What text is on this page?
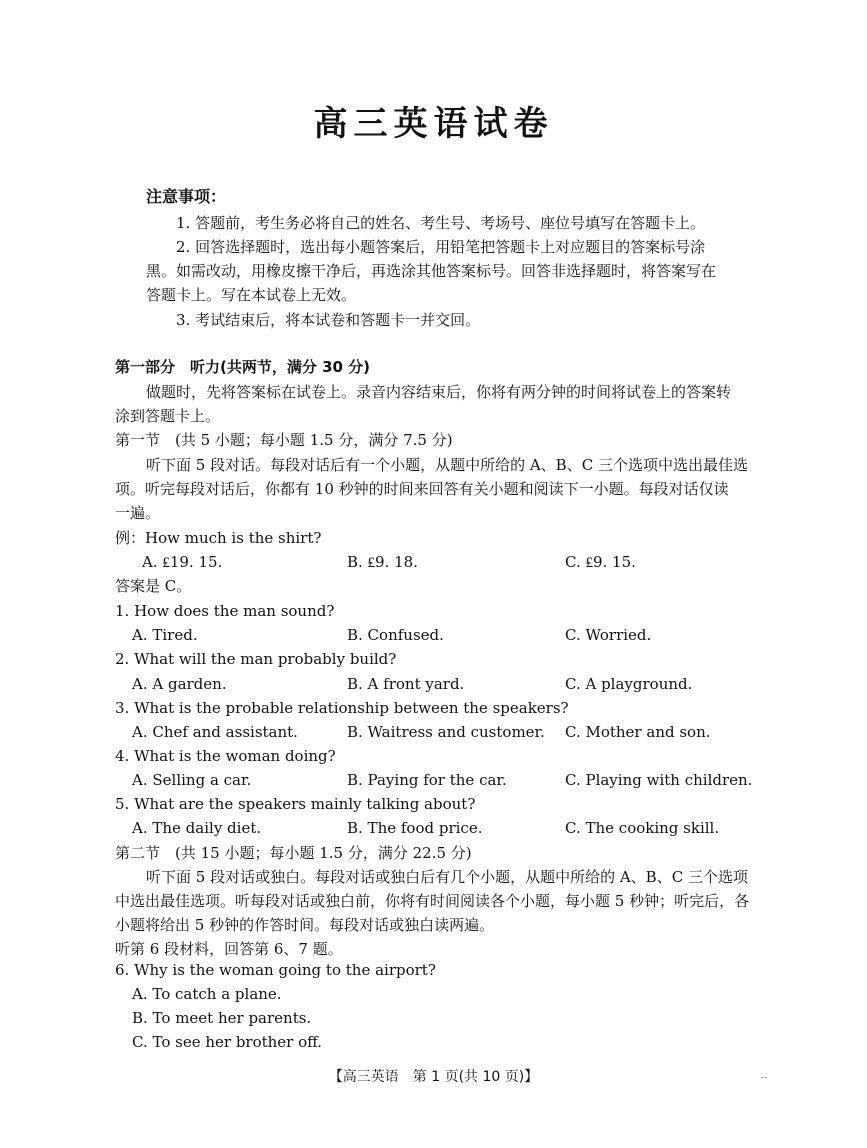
高三英语试卷
注意事项：
1. 答题前，考生务必将自己的姓名、考生号、考场号、座位号填写在答题卡上。
2. 回答选择题时，选出每小题答案后，用铅笔把答题卡上对应题目的答案标号涂
黑。如需改动，用橡皮擦干净后，再选涂其他答案标号。回答非选择题时，将答案写在
答题卡上。写在本试卷上无效。
3. 考试结束后，将本试卷和答题卡一并交回。
第一部分　听力(共两节，满分 30 分)
做题时，先将答案标在试卷上。录音内容结束后，你将有两分钟的时间将试卷上的答案转
涂到答题卡上。
第一节　(共 5 小题；每小题 1.5 分，满分 7.5 分)
听下面 5 段对话。每段对话后有一个小题，从题中所给的 A、B、C 三个选项中选出最佳选
项。听完每段对话后，你都有 10 秒钟的时间来回答有关小题和阅读下一小题。每段对话仅读
一遍。
例：How much is the shirt?
A. ₤19. 15.	B. ₤9. 18.	C. ₤9. 15.
答案是 C。
1. How does the man sound?
A. Tired.	B. Confused.	C. Worried.
2. What will the man probably build?
A. A garden.	B. A front yard.	C. A playground.
3. What is the probable relationship between the speakers?
A. Chef and assistant.	B. Waitress and customer. C. Mother and son.
4. What is the woman doing?
A. Selling a car.	B. Paying for the car.	C. Playing with children.
5. What are the speakers mainly talking about?
A. The daily diet.	B. The food price.	C. The cooking skill.
第二节　(共 15 小题；每小题 1.5 分，满分 22.5 分)
听下面 5 段对话或独白。每段对话或独白后有几个小题，从题中所给的 A、B、C 三个选项
中选出最佳选项。听每段对话或独白前，你将有时间阅读各个小题，每小题 5 秒钟；听完后，各
小题将给出 5 秒钟的作答时间。每段对话或独白读两遍。
听第 6 段材料，回答第 6、7 题。
6. Why is the woman going to the airport?
A. To catch a plane.
B. To meet her parents.
C. To see her brother off.
【高三英语　第 1 页(共 10 页)】	..
